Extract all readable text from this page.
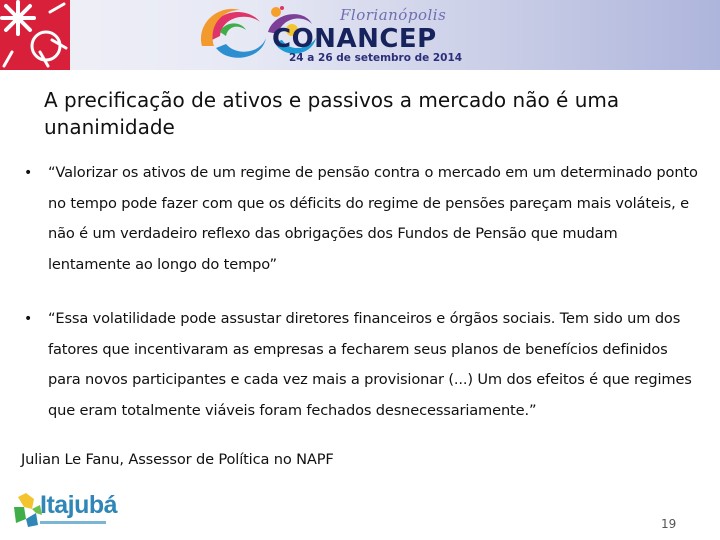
Florianópolis
CONANCEP
24 a 26 de setembro de 2014
A precificação de ativos e passivos a mercado não é uma unanimidade
• “Valorizar os ativos de um regime de pensão contra o mercado em um determinado ponto no tempo pode fazer com que os déficits do regime de pensões pareçam mais voláteis, e não é um verdadeiro reflexo das obrigações dos Fundos de Pensão que mudam lentamente ao longo do tempo”
• “Essa volatilidade pode assustar diretores financeiros e órgãos sociais. Tem sido um dos fatores que incentivaram as empresas a fecharem seus planos de benefícios definidos para novos participantes e cada vez mais a provisionar (...) Um dos efeitos é que regimes que eram totalmente viáveis foram fechados desnecessariamente.”
Julian Le Fanu, Assessor de Política no NAPF
Itajubá
19
